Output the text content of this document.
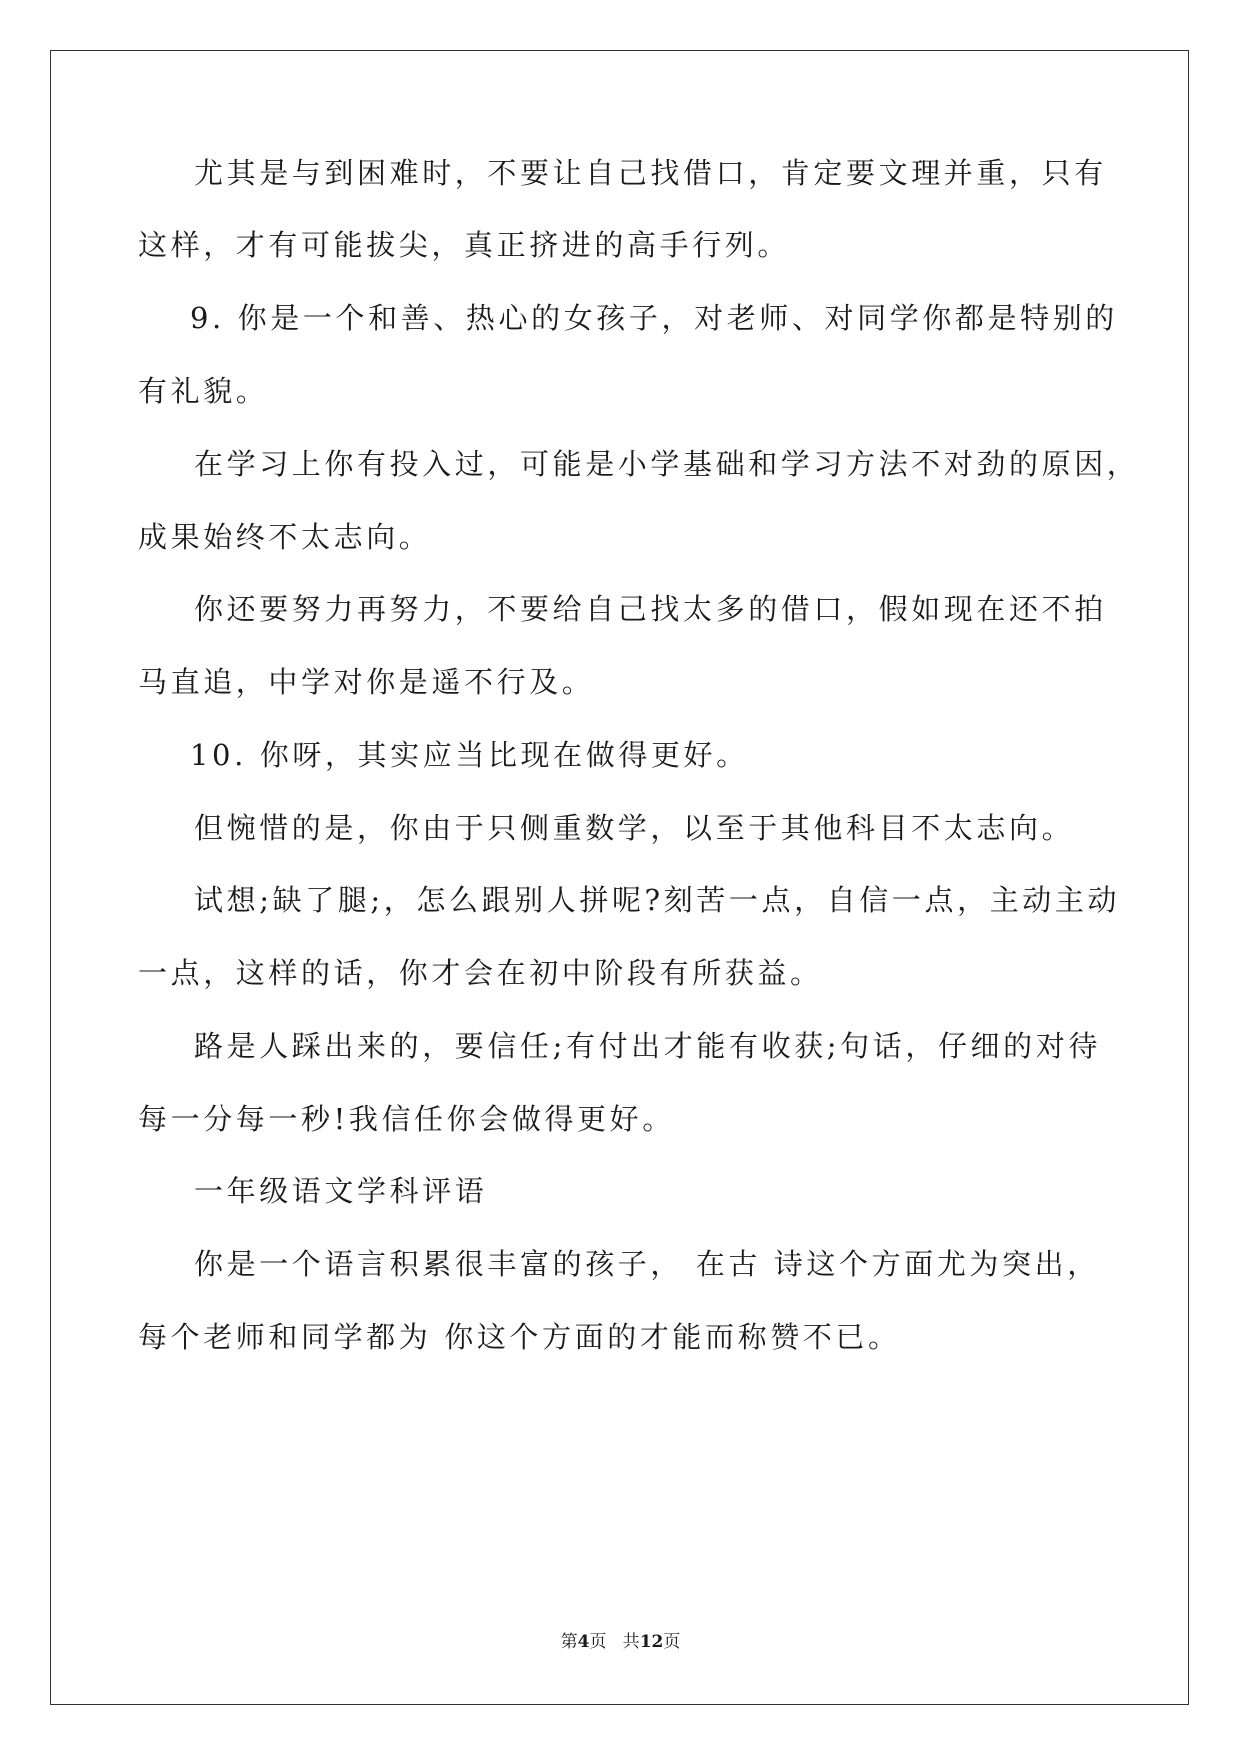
尤其是与到困难时，不要让自己找借口，肯定要文理并重，只有
这样，才有可能拔尖，真正挤进的高手行列。
9. 你是一个和善、热心的女孩子，对老师、对同学你都是特别的
有礼貌。
在学习上你有投入过，可能是小学基础和学习方法不对劲的原因，
成果始终不太志向。
你还要努力再努力，不要给自己找太多的借口，假如现在还不拍
马直追，中学对你是遥不行及。
10. 你呀，其实应当比现在做得更好。
但惋惜的是，你由于只侧重数学，以至于其他科目不太志向。
试想;缺了腿;，怎么跟别人拼呢?刻苦一点，自信一点，主动主动
一点，这样的话，你才会在初中阶段有所获益。
路是人踩出来的，要信任;有付出才能有收获;句话，仔细的对待
每一分每一秒!我信任你会做得更好。
一年级语文学科评语
你是一个语言积累很丰富的孩子， 在古 诗这个方面尤为突出，
每个老师和同学都为 你这个方面的才能而称赞不已。
第4页   共12页
